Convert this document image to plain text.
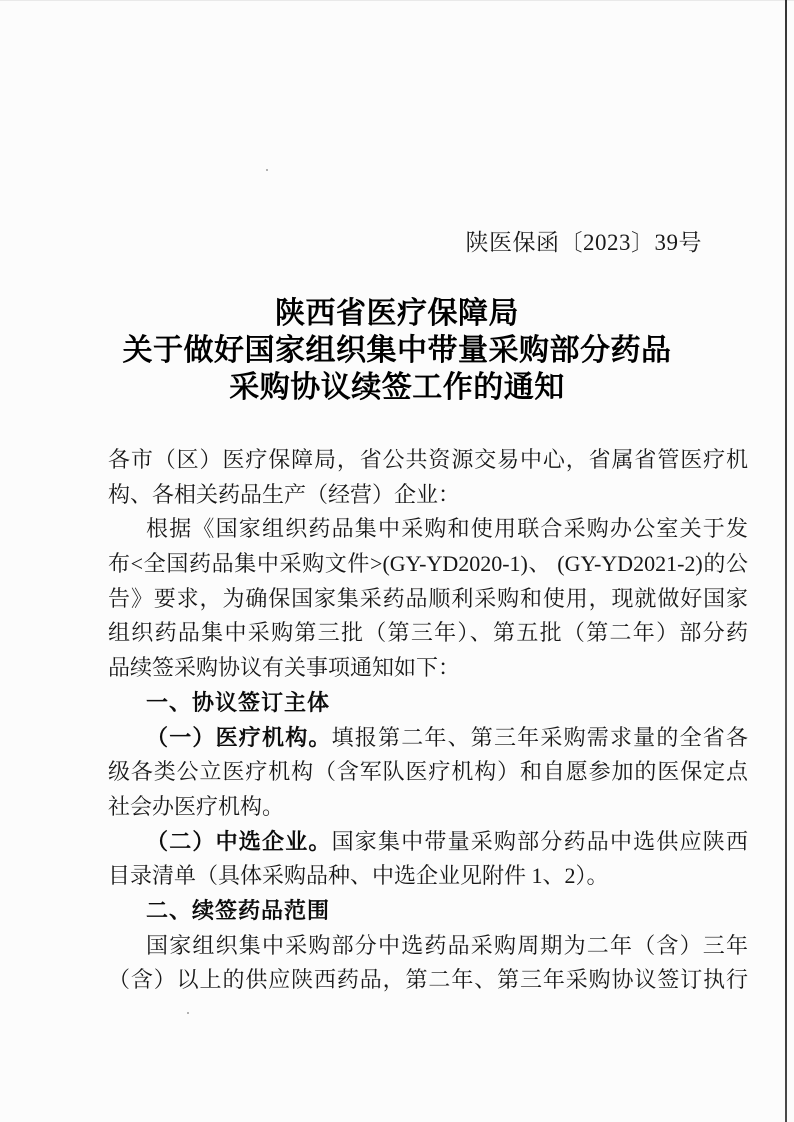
陕医保函〔2023〕39号
陕西省医疗保障局
关于做好国家组织集中带量采购部分药品
采购协议续签工作的通知
各市（区）医疗保障局，省公共资源交易中心，省属省管医疗机
构、各相关药品生产（经营）企业：
根据《国家组织药品集中采购和使用联合采购办公室关于发
布<全国药品集中采购文件>(GY-YD2020-1)、 (GY-YD2021-2)的公
告》要求，为确保国家集采药品顺利采购和使用，现就做好国家
组织药品集中采购第三批（第三年）、第五批（第二年）部分药
品续签采购协议有关事项通知如下：
一、协议签订主体
（一）医疗机构。填报第二年、第三年采购需求量的全省各
级各类公立医疗机构（含军队医疗机构）和自愿参加的医保定点
社会办医疗机构。
（二）中选企业。国家集中带量采购部分药品中选供应陕西
目录清单（具体采购品种、中选企业见附件 1、2）。
二、续签药品范围
国家组织集中采购部分中选药品采购周期为二年（含）三年
（含）以上的供应陕西药品，第二年、第三年采购协议签订执行
